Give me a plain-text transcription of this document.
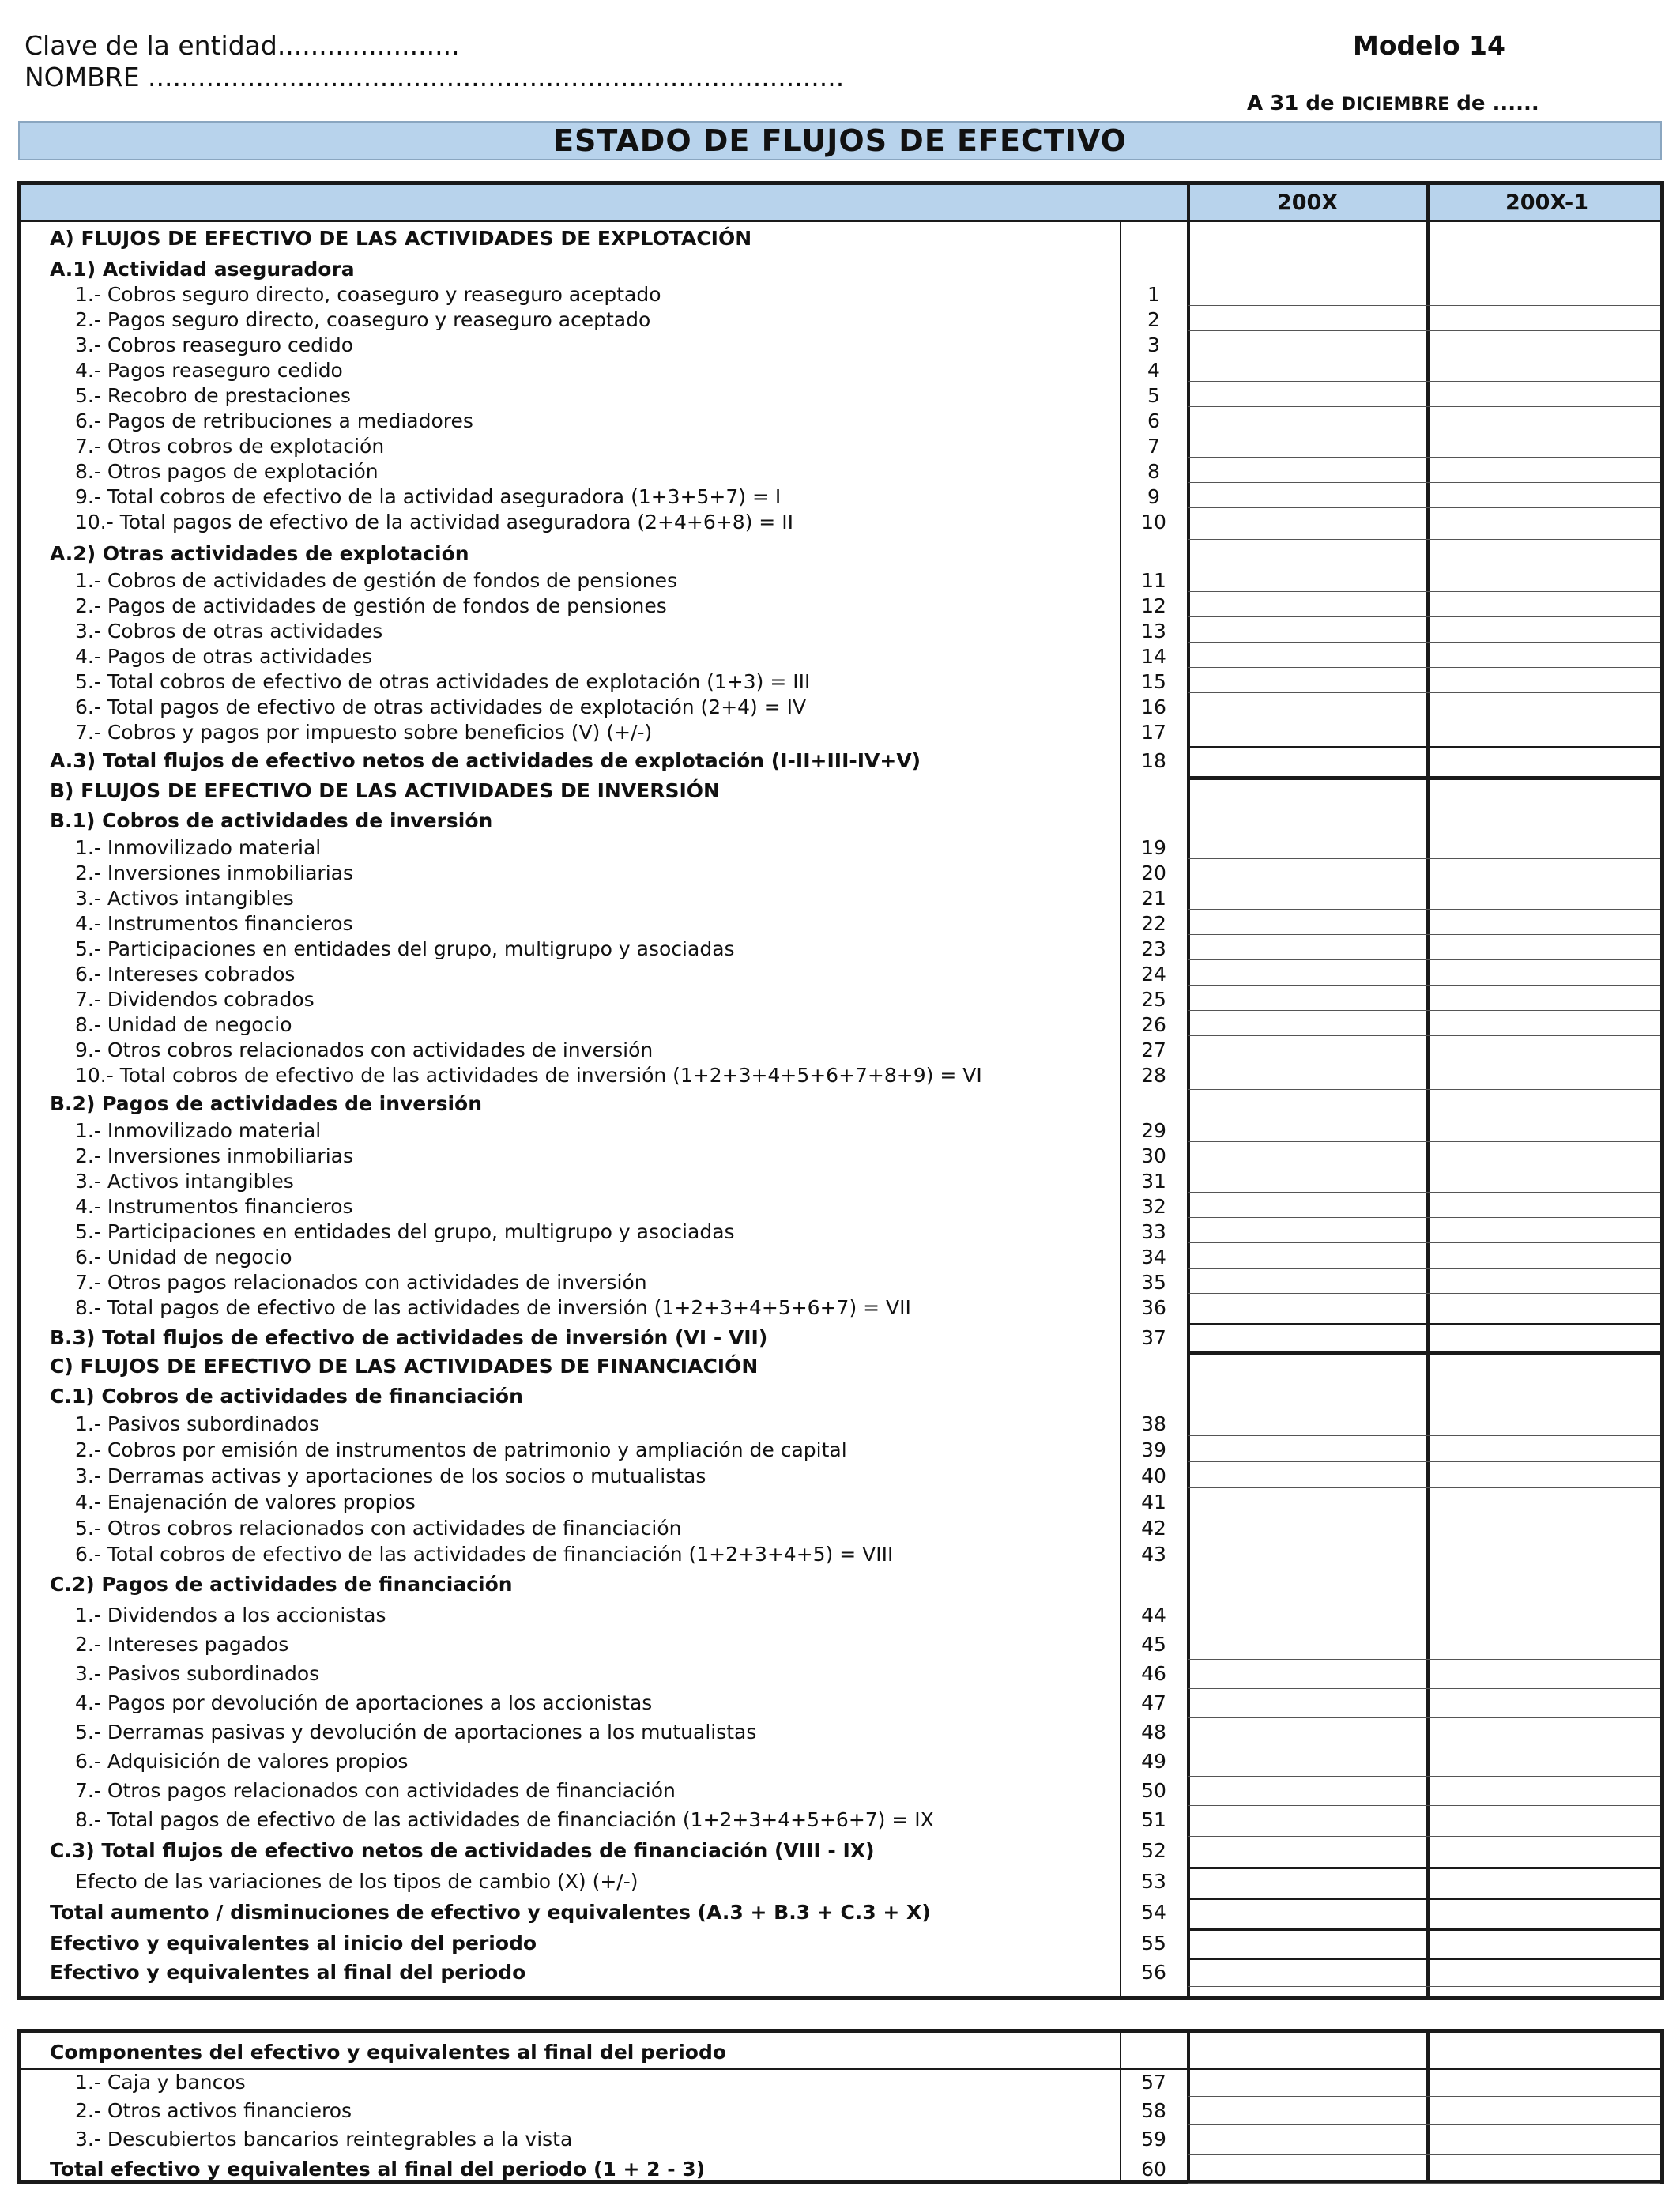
Clave de la entidad......................
NOMBRE ....................................................................................
Modelo 14
A 31 de DICIEMBRE de ......
ESTADO DE FLUJOS DE EFECTIVO
200X	200X-1
A) FLUJOS DE EFECTIVO DE LAS ACTIVIDADES DE EXPLOTACIÓN
A.1) Actividad aseguradora
1.- Cobros seguro directo, coaseguro y reaseguro aceptado	1
2.- Pagos seguro directo, coaseguro y reaseguro aceptado	2
3.- Cobros reaseguro cedido	3
4.- Pagos reaseguro cedido	4
5.- Recobro de prestaciones	5
6.- Pagos de retribuciones a mediadores	6
7.- Otros cobros de explotación	7
8.- Otros pagos de explotación	8
9.- Total cobros de efectivo de la actividad aseguradora (1+3+5+7) = I	9
10.- Total pagos de efectivo de la actividad aseguradora (2+4+6+8) = II	10
A.2) Otras actividades de explotación
1.- Cobros de actividades de gestión de fondos de pensiones	11
2.- Pagos de actividades de gestión de fondos de pensiones	12
3.- Cobros de otras actividades	13
4.- Pagos de otras actividades	14
5.- Total cobros de efectivo de otras actividades de explotación (1+3) = III	15
6.- Total pagos de efectivo de otras actividades de explotación (2+4) = IV	16
7.- Cobros y pagos por impuesto sobre beneficios (V) (+/-)	17
A.3) Total flujos de efectivo netos de actividades de explotación (I-II+III-IV+V)	18
B) FLUJOS DE EFECTIVO DE LAS ACTIVIDADES DE INVERSIÓN
B.1) Cobros de actividades de inversión
1.- Inmovilizado material	19
2.- Inversiones inmobiliarias	20
3.- Activos intangibles	21
4.- Instrumentos financieros	22
5.- Participaciones en entidades del grupo, multigrupo y asociadas	23
6.- Intereses cobrados	24
7.- Dividendos cobrados	25
8.- Unidad de negocio	26
9.- Otros cobros relacionados con actividades de inversión	27
10.- Total cobros de efectivo de las actividades de inversión (1+2+3+4+5+6+7+8+9) = VI	28
B.2) Pagos de actividades de inversión
1.- Inmovilizado material	29
2.- Inversiones inmobiliarias	30
3.- Activos intangibles	31
4.- Instrumentos financieros	32
5.- Participaciones en entidades del grupo, multigrupo y asociadas	33
6.- Unidad de negocio	34
7.- Otros pagos relacionados con actividades de inversión	35
8.- Total pagos de efectivo de las actividades de inversión (1+2+3+4+5+6+7) = VII	36
B.3) Total flujos de efectivo de actividades de inversión (VI - VII)	37
C) FLUJOS DE EFECTIVO DE LAS ACTIVIDADES DE FINANCIACIÓN
C.1) Cobros de actividades de financiación
1.- Pasivos subordinados	38
2.- Cobros por emisión de instrumentos de patrimonio y ampliación de capital	39
3.- Derramas activas y aportaciones de los socios o mutualistas	40
4.- Enajenación de valores propios	41
5.- Otros cobros relacionados con actividades de financiación	42
6.- Total cobros de efectivo de las actividades de financiación (1+2+3+4+5) = VIII	43
C.2) Pagos de actividades de financiación
1.- Dividendos a los accionistas	44
2.- Intereses pagados	45
3.- Pasivos subordinados	46
4.- Pagos por devolución de aportaciones a los accionistas	47
5.- Derramas pasivas y devolución de aportaciones a los mutualistas	48
6.- Adquisición de valores propios	49
7.- Otros pagos relacionados con actividades de financiación	50
8.- Total pagos de efectivo de las actividades de financiación (1+2+3+4+5+6+7) = IX	51
C.3) Total flujos de efectivo netos de actividades de financiación (VIII - IX)	52
Efecto de las variaciones de los tipos de cambio (X) (+/-)	53
Total aumento / disminuciones de efectivo y equivalentes (A.3 + B.3 + C.3 + X)	54
Efectivo y equivalentes al inicio del periodo	55
Efectivo y equivalentes al final del periodo	56
Componentes del efectivo y equivalentes al final del periodo
1.- Caja y bancos	57
2.- Otros activos financieros	58
3.- Descubiertos bancarios reintegrables a la vista	59
Total efectivo y equivalentes al final del periodo (1 + 2 - 3)	60
